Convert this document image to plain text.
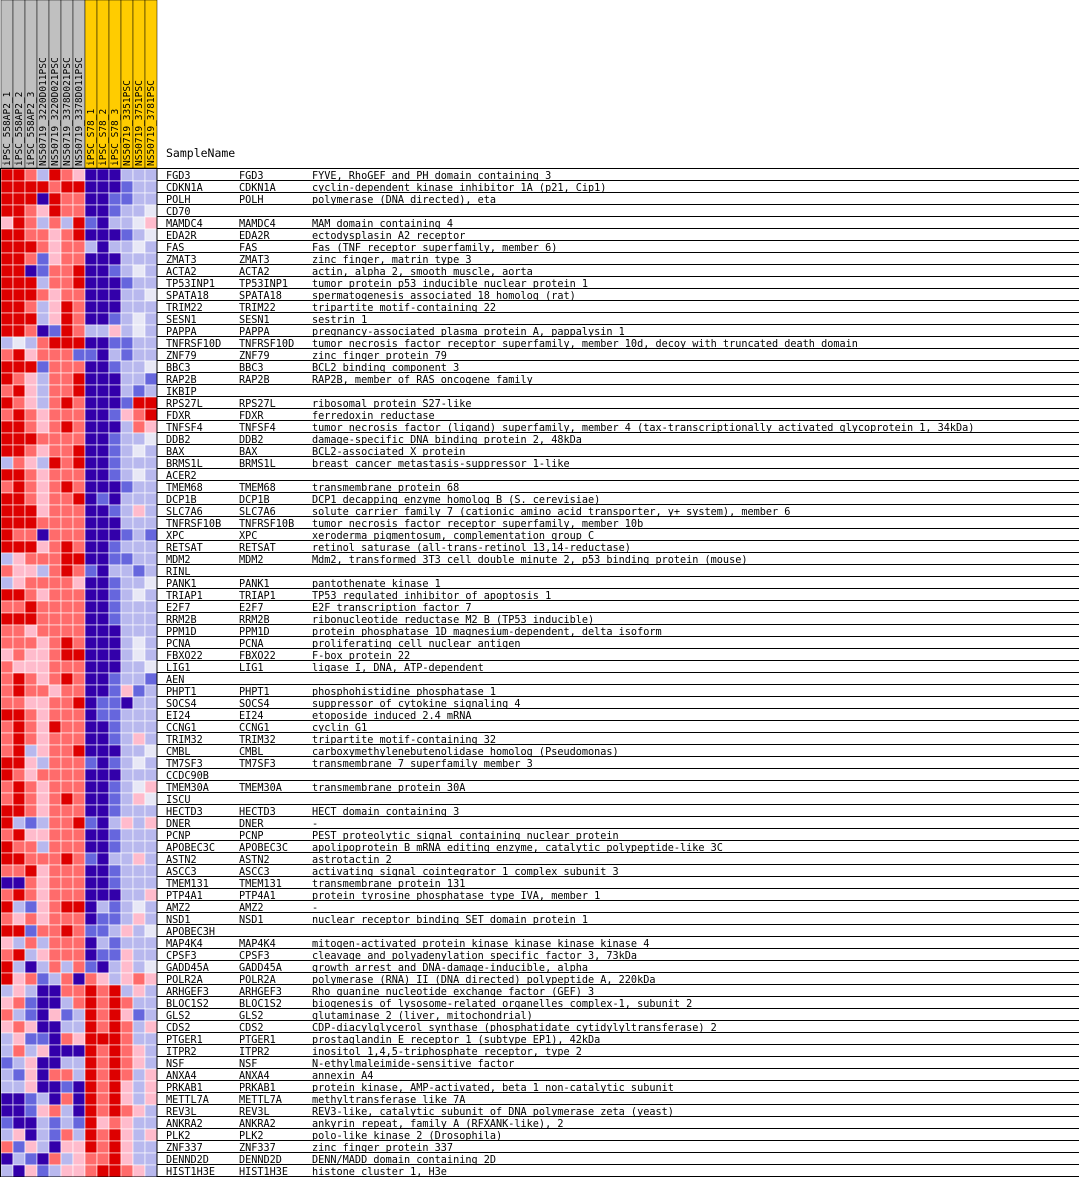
iPSC_558AP2_1 iPSC_558AP2_2 iPSC_558AP2_3 NS50719_3220D011PSC NS50719_3220D021PSC NS50719_3378D021PSC NS50719_3378D011PSC iPSC_S78_1 iPSC_S78_2 iPSC_S78_3 NS50719_3351PSC NS50719_3751PSC NS50719_3781PSC SampleName
FGD3	FGD3	FYVE, RhoGEF and PH domain containing 3
CDKN1A	CDKN1A	cyclin-dependent kinase inhibitor 1A (p21, Cip1)
POLH	POLH	polymerase (DNA directed), eta
CD70
MAMDC4	MAMDC4	MAM domain containing 4
EDA2R	EDA2R	ectodysplasin A2 receptor
FAS	FAS	Fas (TNF receptor superfamily, member 6)
ZMAT3	ZMAT3	zinc finger, matrin type 3
ACTA2	ACTA2	actin, alpha 2, smooth muscle, aorta
TP53INP1 TP53INP1 tumor protein p53 inducible nuclear protein 1
SPATA18	SPATA18	spermatogenesis associated 18 homolog (rat)
TRIM22	TRIM22	tripartite motif-containing 22
SESN1	SESN1	sestrin 1
PAPPA	PAPPA	pregnancy-associated plasma protein A, pappalysin 1
TNFRSF10D TNFRSF10D tumor necrosis factor receptor superfamily, member 10d, decoy with truncated death domain
ZNF79	ZNF79	zinc finger protein 79
BBC3	BBC3	BCL2 binding component 3
RAP2B	RAP2B	RAP2B, member of RAS oncogene family
IKBIP
RPS27L	RPS27L	ribosomal protein S27-like
FDXR	FDXR	ferredoxin reductase
TNFSF4	TNFSF4	tumor necrosis factor (ligand) superfamily, member 4 (tax-transcriptionally activated glycoprotein 1, 34kDa)
DDB2	DDB2	damage-specific DNA binding protein 2, 48kDa
BAX	BAX	BCL2-associated X protein
BRMS1L	BRMS1L	breast cancer metastasis-suppressor 1-like
ACER2
TMEM68	TMEM68	transmembrane protein 68
DCP1B	DCP1B	DCP1 decapping enzyme homolog B (S. cerevisiae)
SLC7A6	SLC7A6	solute carrier family 7 (cationic amino acid transporter, y+ system), member 6
TNFRSF10B TNFRSF10B tumor necrosis factor receptor superfamily, member 10b
XPC	XPC	xeroderma pigmentosum, complementation group C
RETSAT	RETSAT	retinol saturase (all-trans-retinol 13,14-reductase)
MDM2	MDM2	Mdm2, transformed 3T3 cell double minute 2, p53 binding protein (mouse)
RINL
PANK1	PANK1	pantothenate kinase 1
TRIAP1	TRIAP1	TP53 regulated inhibitor of apoptosis 1
E2F7	E2F7	E2F transcription factor 7
RRM2B	RRM2B	ribonucleotide reductase M2 B (TP53 inducible)
PPM1D	PPM1D	protein phosphatase 1D magnesium-dependent, delta isoform
PCNA	PCNA	proliferating cell nuclear antigen
FBXO22	FBXO22	F-box protein 22
LIG1	LIG1	ligase I, DNA, ATP-dependent
AEN
PHPT1	PHPT1	phosphohistidine phosphatase 1
SOCS4	SOCS4	suppressor of cytokine signaling 4
EI24	EI24	etoposide induced 2.4 mRNA
CCNG1	CCNG1	cyclin G1
TRIM32	TRIM32	tripartite motif-containing 32
CMBL	CMBL	carboxymethylenebutenolidase homolog (Pseudomonas)
TM7SF3	TM7SF3	transmembrane 7 superfamily member 3
CCDC90B
TMEM30A	TMEM30A	transmembrane protein 30A
ISCU
HECTD3	HECTD3	HECT domain containing 3
DNER	DNER	-
PCNP	PCNP	PEST proteolytic signal containing nuclear protein
APOBEC3C APOBEC3C apolipoprotein B mRNA editing enzyme, catalytic polypeptide-like 3C
ASTN2	ASTN2	astrotactin 2
ASCC3	ASCC3	activating signal cointegrator 1 complex subunit 3
TMEM131	TMEM131	transmembrane protein 131
PTP4A1	PTP4A1	protein tyrosine phosphatase type IVA, member 1
AMZ2	AMZ2	-
NSD1	NSD1	nuclear receptor binding SET domain protein 1
APOBEC3H
MAP4K4	MAP4K4	mitogen-activated protein kinase kinase kinase kinase 4
CPSF3	CPSF3	cleavage and polyadenylation specific factor 3, 73kDa
GADD45A	GADD45A	growth arrest and DNA-damage-inducible, alpha
POLR2A	POLR2A	polymerase (RNA) II (DNA directed) polypeptide A, 220kDa
ARHGEF3	ARHGEF3	Rho guanine nucleotide exchange factor (GEF) 3
BLOC1S2	BLOC1S2	biogenesis of lysosome-related organelles complex-1, subunit 2
GLS2	GLS2	glutaminase 2 (liver, mitochondrial)
CDS2	CDS2	CDP-diacylglycerol synthase (phosphatidate cytidylyltransferase) 2
PTGER1	PTGER1	prostaglandin E receptor 1 (subtype EP1), 42kDa
ITPR2	ITPR2	inositol 1,4,5-triphosphate receptor, type 2
NSF	NSF	N-ethylmaleimide-sensitive factor
ANXA4	ANXA4	annexin A4
PRKAB1	PRKAB1	protein kinase, AMP-activated, beta 1 non-catalytic subunit
METTL7A	METTL7A	methyltransferase like 7A
REV3L	REV3L	REV3-like, catalytic subunit of DNA polymerase zeta (yeast)
ANKRA2	ANKRA2	ankyrin repeat, family A (RFXANK-like), 2
PLK2	PLK2	polo-like kinase 2 (Drosophila)
ZNF337	ZNF337	zinc finger protein 337
DENND2D	DENND2D	DENN/MADD domain containing 2D
HIST1H3E HIST1H3E histone cluster 1, H3e
